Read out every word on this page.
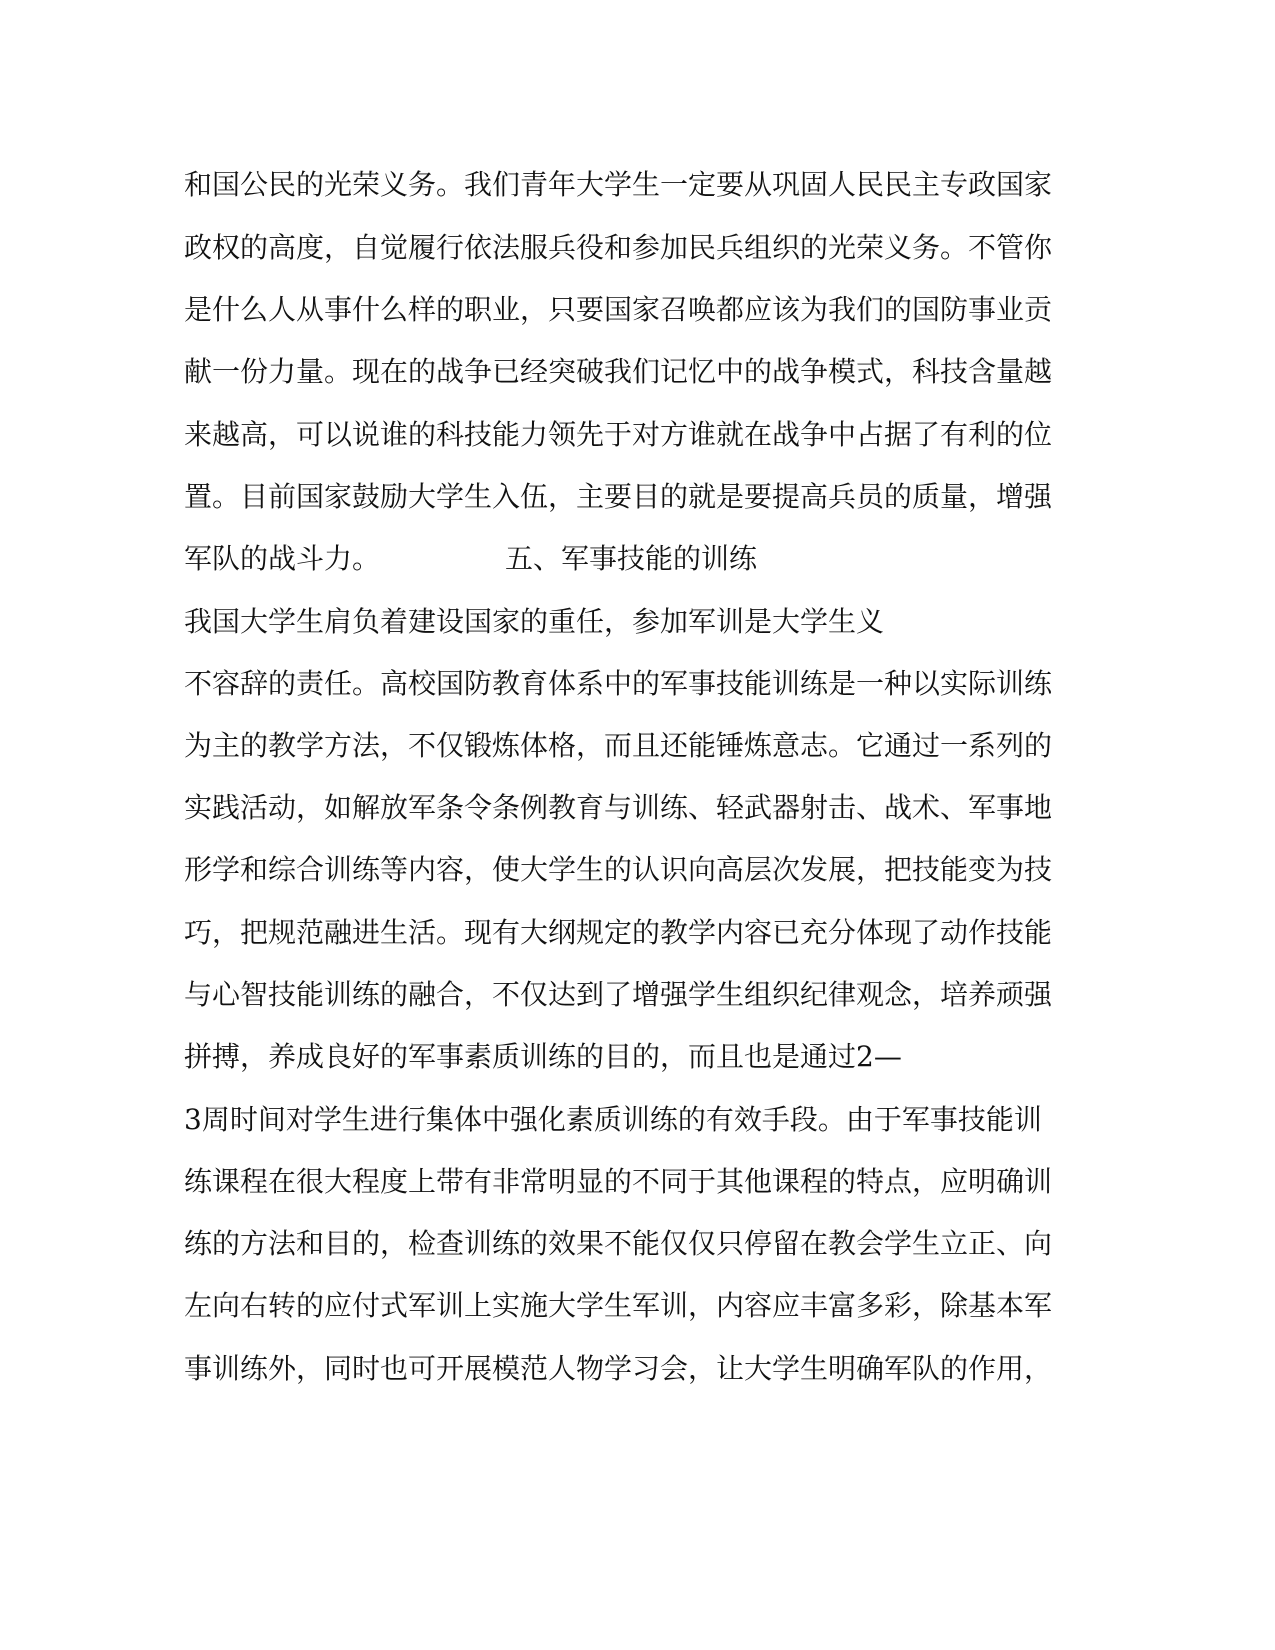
和国公民的光荣义务。我们青年大学生一定要从巩固人民民主专政国家
政权的高度，自觉履行依法服兵役和参加民兵组织的光荣义务。不管你
是什么人从事什么样的职业，只要国家召唤都应该为我们的国防事业贡
献一份力量。现在的战争已经突破我们记忆中的战争模式，科技含量越
来越高，可以说谁的科技能力领先于对方谁就在战争中占据了有利的位
置。目前国家鼓励大学生入伍，主要目的就是要提高兵员的质量，增强
军队的战斗力。	五、军事技能的训练
我国大学生肩负着建设国家的重任，参加军训是大学生义
不容辞的责任。高校国防教育体系中的军事技能训练是一种以实际训练
为主的教学方法，不仅锻炼体格，而且还能锤炼意志。它通过一系列的
实践活动，如解放军条令条例教育与训练、轻武器射击、战术、军事地
形学和综合训练等内容，使大学生的认识向高层次发展，把技能变为技
巧，把规范融进生活。现有大纲规定的教学内容已充分体现了动作技能
与心智技能训练的融合，不仅达到了增强学生组织纪律观念，培养顽强
拼搏，养成良好的军事素质训练的目的，而且也是通过2—
3周时间对学生进行集体中强化素质训练的有效手段。由于军事技能训
练课程在很大程度上带有非常明显的不同于其他课程的特点，应明确训
练的方法和目的，检查训练的效果不能仅仅只停留在教会学生立正、向
左向右转的应付式军训上实施大学生军训，内容应丰富多彩，除基本军
事训练外，同时也可开展模范人物学习会，让大学生明确军队的作用，
